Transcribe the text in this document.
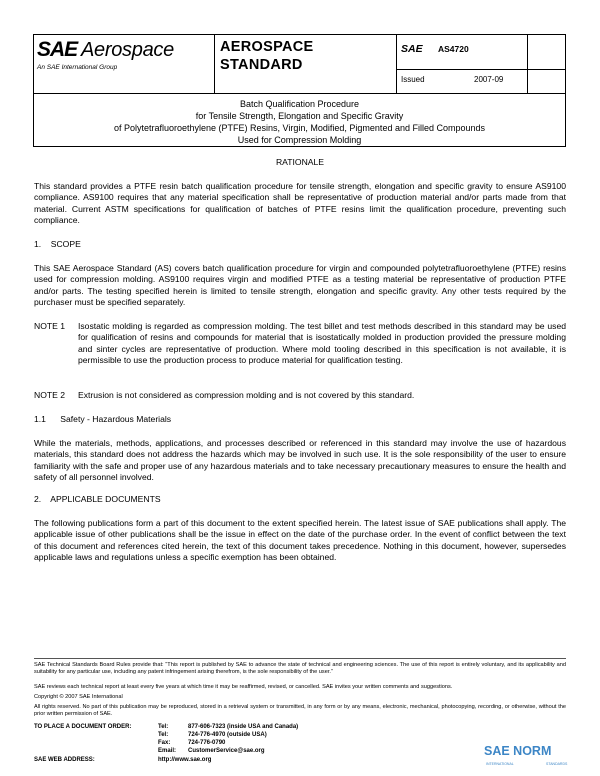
SAE Aerospace
An SAE International Group
AEROSPACE
STANDARD
SAE AS4720
Issued	2007-09
Batch Qualification Procedure
for Tensile Strength, Elongation and Specific Gravity
of Polytetrafluoroethylene (PTFE) Resins, Virgin, Modified, Pigmented and Filled Compounds
Used for Compression Molding
RATIONALE
This standard provides a PTFE resin batch qualification procedure for tensile strength, elongation and specific gravity to ensure AS9100 compliance. AS9100 requires that any material specification shall be representative of production material and/or parts made from that material. Current ASTM specifications for qualification of batches of PTFE resins limit the qualification procedure, preventing such compliance.
1.    SCOPE
This SAE Aerospace Standard (AS) covers batch qualification procedure for virgin and compounded polytetrafluoroethylene (PTFE) resins used for compression molding. AS9100 requires virgin and modified PTFE as a testing material be representative of production PTFE and/or parts. The testing specified herein is limited to tensile strength, elongation and specific gravity. Any other tests required by the purchaser must be specified separately.
NOTE 1 Isostatic molding is regarded as compression molding. The test billet and test methods described in this standard may be used for qualification of resins and compounds for material that is isostatically molded in production provided the pressure molding and sinter cycles are representative of production. Where mold tooling described in this specification is not available, it is permissible to use the production process to produce material for qualification testing.
NOTE 2 Extrusion is not considered as compression molding and is not covered by this standard.
1.1      Safety - Hazardous Materials
While the materials, methods, applications, and processes described or referenced in this standard may involve the use of hazardous materials, this standard does not address the hazards which may be involved in such use. It is the sole responsibility of the user to ensure familiarity with the safe and proper use of any hazardous materials and to take necessary precautionary measures to ensure the health and safety of all personnel involved.
2.    APPLICABLE DOCUMENTS
The following publications form a part of this document to the extent specified herein. The latest issue of SAE publications shall apply. The applicable issue of other publications shall be the issue in effect on the date of the purchase order. In the event of conflict between the text of this document and references cited herein, the text of this document takes precedence. Nothing in this document, however, supersedes applicable laws and regulations unless a specific exemption has been obtained.
SAE Technical Standards Board Rules provide that: “This report is published by SAE to advance the state of technical and engineering sciences. The use of this report is entirely voluntary, and its applicability and suitability for any particular use, including any patent infringement arising therefrom, is the sole responsibility of the user.”
SAE reviews each technical report at least every five years at which time it may be reaffirmed, revised, or cancelled. SAE invites your written comments and suggestions.
Copyright © 2007 SAE International
All rights reserved. No part of this publication may be reproduced, stored in a retrieval system or transmitted, in any form or by any means, electronic, mechanical, photocopying, recording, or otherwise, without the prior written permission of SAE.
TO PLACE A DOCUMENT ORDER:	Tel:	877-606-7323 (inside USA and Canada)
Tel:	724-776-4970 (outside USA)
Fax:	724-776-0790
Email: CustomerService@sae.org
SAE WEB ADDRESS:	http://www.sae.org
SAE NORM
INTERNATIONAL	STANDARDS
